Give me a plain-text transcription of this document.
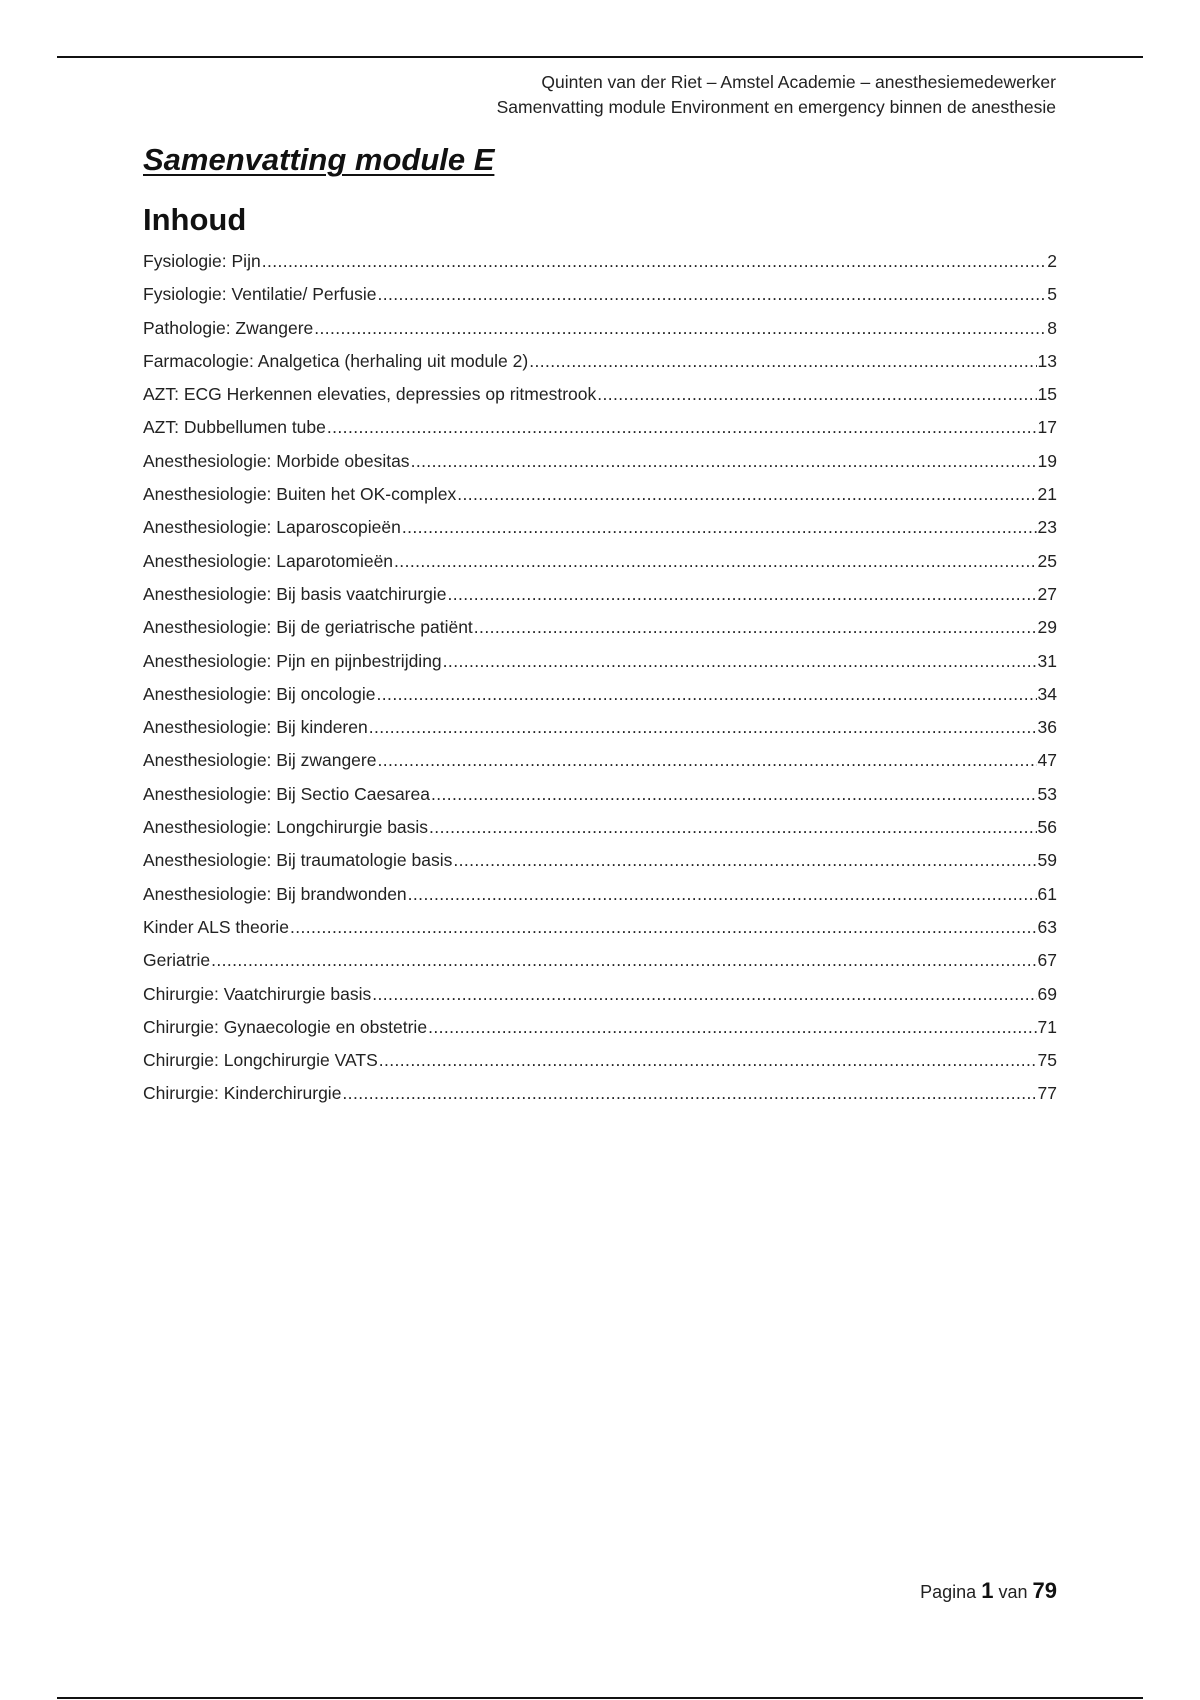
Quinten van der Riet – Amstel Academie – anesthesiemedewerker
Samenvatting module Environment en emergency binnen de anesthesie
Samenvatting module E
Inhoud
Fysiologie: Pijn .....	2
Fysiologie: Ventilatie/ Perfusie .....	5
Pathologie: Zwangere .....	8
Farmacologie: Analgetica (herhaling uit module 2) .....	13
AZT: ECG Herkennen elevaties, depressies op ritmestrook .....	15
AZT: Dubbellumen tube .....	17
Anesthesiologie: Morbide obesitas .....	19
Anesthesiologie: Buiten het OK-complex .....	21
Anesthesiologie: Laparoscopieën .....	23
Anesthesiologie: Laparotomieën .....	25
Anesthesiologie: Bij basis vaatchirurgie .....	27
Anesthesiologie: Bij de geriatrische patiënt .....	29
Anesthesiologie: Pijn en pijnbestrijding .....	31
Anesthesiologie: Bij oncologie .....	34
Anesthesiologie: Bij kinderen .....	36
Anesthesiologie: Bij zwangere .....	47
Anesthesiologie: Bij Sectio Caesarea .....	53
Anesthesiologie: Longchirurgie basis .....	56
Anesthesiologie: Bij traumatologie basis .....	59
Anesthesiologie: Bij brandwonden .....	61
Kinder ALS theorie .....	63
Geriatrie .....	67
Chirurgie: Vaatchirurgie basis .....	69
Chirurgie: Gynaecologie en obstetrie .....	71
Chirurgie: Longchirurgie VATS .....	75
Chirurgie: Kinderchirurgie .....	77
Pagina 1 van 79
